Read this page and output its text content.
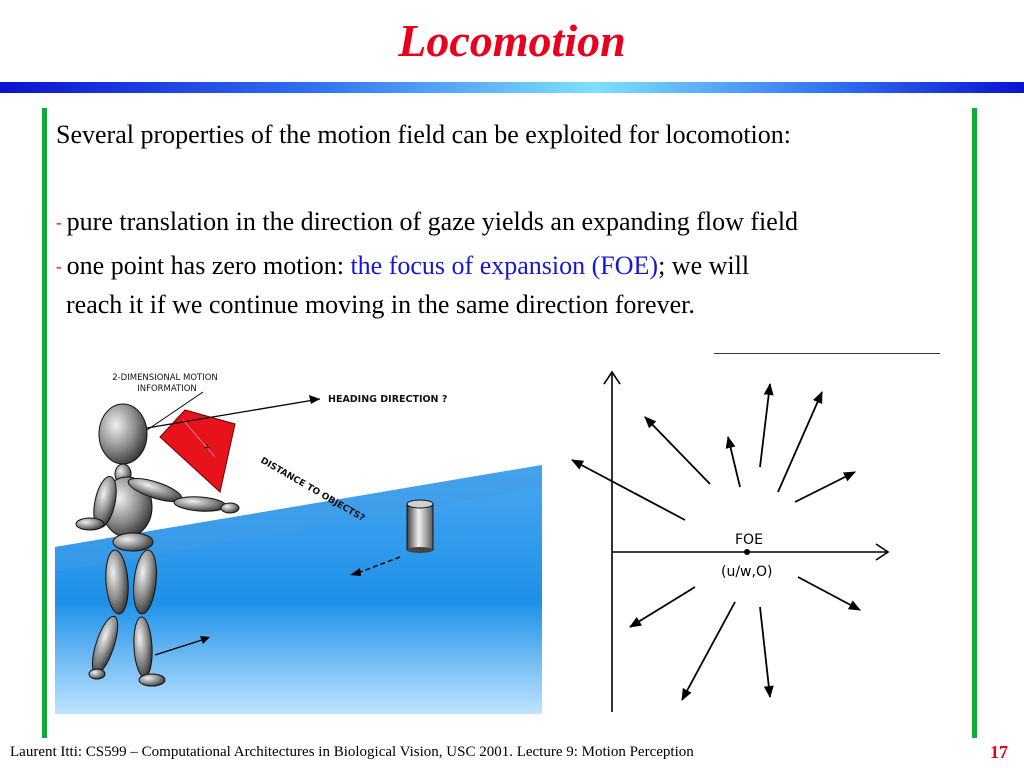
Locomotion
Several properties of the motion field can be exploited for locomotion:
- pure translation in the direction of gaze yields an expanding flow field
- one point has zero motion: the focus of expansion (FOE); we will
reach it if we continue moving in the same direction forever.
+
2-DIMENSIONAL MOTION
INFORMATION
HEADING DIRECTION ?
DISTANCE TO OBJECTS?
FOE
(u/w,O)
Laurent Itti: CS599 – Computational Architectures in Biological Vision, USC 2001. Lecture 9: Motion Perception	17
